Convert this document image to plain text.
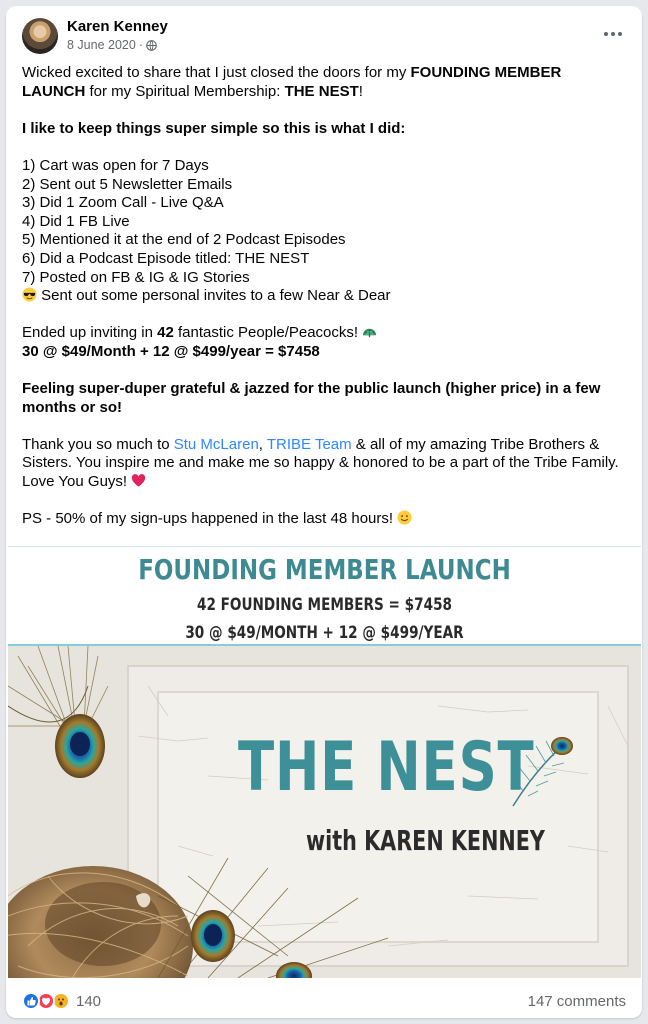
Karen Kenney
8 June 2020 ·

Wicked excited to share that I just closed the doors for my FOUNDING MEMBER LAUNCH for my Spiritual Membership: THE NEST!

I like to keep things super simple so this is what I did:

1) Cart was open for 7 Days

2) Sent out 5 Newsletter Emails

3) Did 1 Zoom Call - Live Q&A

4) Did 1 FB Live

5) Mentioned it at the end of 2 Podcast Episodes

6) Did a Podcast Episode titled: THE NEST

7) Posted on FB & IG & IG Stories

Sent out some personal invites to a few Near & Dear

Ended up inviting in 42 fantastic People/Peacocks!

30 @ $49/Month + 12 @ $499/year = $7458

Feeling super-duper grateful & jazzed for the public launch (higher price) in a few months or so!

Thank you so much to Stu McLaren, TRIBE Team & all of my amazing Tribe Brothers & Sisters. You inspire me and make me so happy & honored to be a part of the Tribe Family. Love You Guys!

PS - 50% of my sign-ups happened in the last 48 hours!

FOUNDING MEMBER LAUNCH
42 FOUNDING MEMBERS = $7458
30 @ $49/MONTH + 12 @ $499/YEAR
THE NEST
with KAREN KENNEY
140	147 comments
